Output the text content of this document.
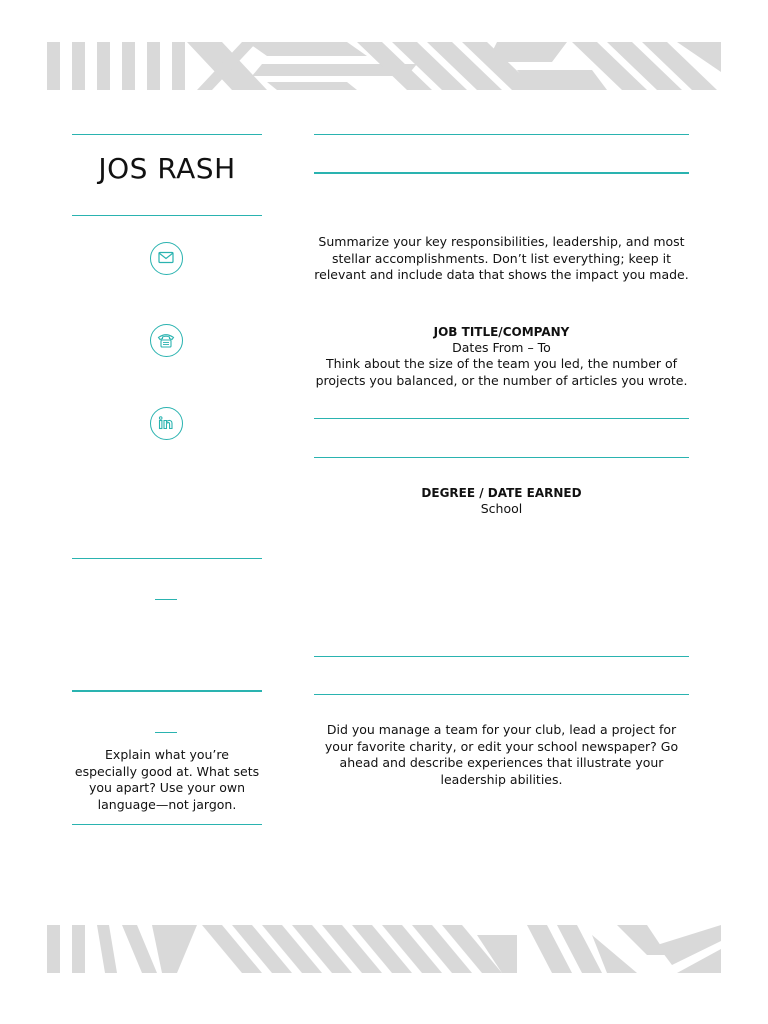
JOS RASH
Explain what you’re especially good at. What sets you apart? Use your own language—not jargon.
Summarize your key responsibilities, leadership, and most stellar accomplishments. Don’t list everything; keep it relevant and include data that shows the impact you made.
JOB TITLE/COMPANY
Dates From – To
Think about the size of the team you led, the number of projects you balanced, or the number of articles you wrote.
DEGREE / DATE EARNED
School
Did you manage a team for your club, lead a project for your favorite charity, or edit your school newspaper? Go ahead and describe experiences that illustrate your leadership abilities.
